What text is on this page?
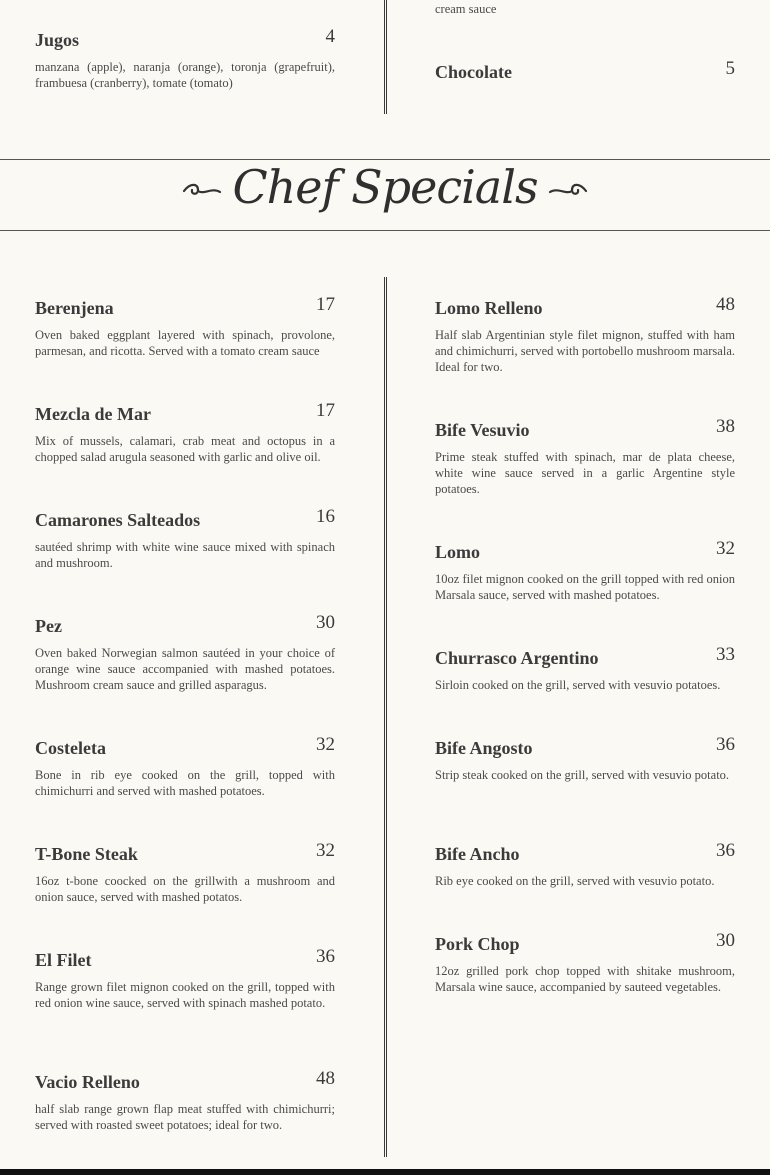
cream sauce
Jugos	4
manzana (apple), naranja (orange), toronja (grapefruit), frambuesa (cranberry), tomate (tomato)
Chocolate	5
Chef Specials
Berenjena	17
Oven baked eggplant layered with spinach, provolone, parmesan, and ricotta. Served with a tomato cream sauce
Mezcla de Mar	17
Mix of mussels, calamari, crab meat and octopus in a chopped salad arugula seasoned with garlic and olive oil.
Camarones Salteados	16
sautéed shrimp with white wine sauce mixed with spinach and mushroom.
Pez	30
Oven baked Norwegian salmon sautéed in your choice of orange wine sauce accompanied with mashed potatoes. Mushroom cream sauce and grilled asparagus.
Costeleta	32
Bone in rib eye cooked on the grill, topped with chimichurri and served with mashed potatoes.
T-Bone Steak	32
16oz t-bone coocked on the grillwith a mushroom and onion sauce, served with mashed potatos.
El Filet	36
Range grown filet mignon cooked on the grill, topped with red onion wine sauce, served with spinach mashed potato.
Vacio Relleno	48
half slab range grown flap meat stuffed with chimichurri; served with roasted sweet potatoes; ideal for two.
Lomo Relleno	48
Half slab Argentinian style filet mignon, stuffed with ham and chimichurri, served with portobello mushroom marsala. Ideal for two.
Bife Vesuvio	38
Prime steak stuffed with spinach, mar de plata cheese, white wine sauce served in a garlic Argentine style potatoes.
Lomo	32
10oz filet mignon cooked on the grill topped with red onion Marsala sauce, served with mashed potatoes.
Churrasco Argentino	33
Sirloin cooked on the grill, served with vesuvio potatoes.
Bife Angosto	36
Strip steak cooked on the grill, served with vesuvio potato.
Bife Ancho	36
Rib eye cooked on the grill, served with vesuvio potato.
Pork Chop	30
12oz grilled pork chop topped with shitake mushroom, Marsala wine sauce, accompanied by sauteed vegetables.
